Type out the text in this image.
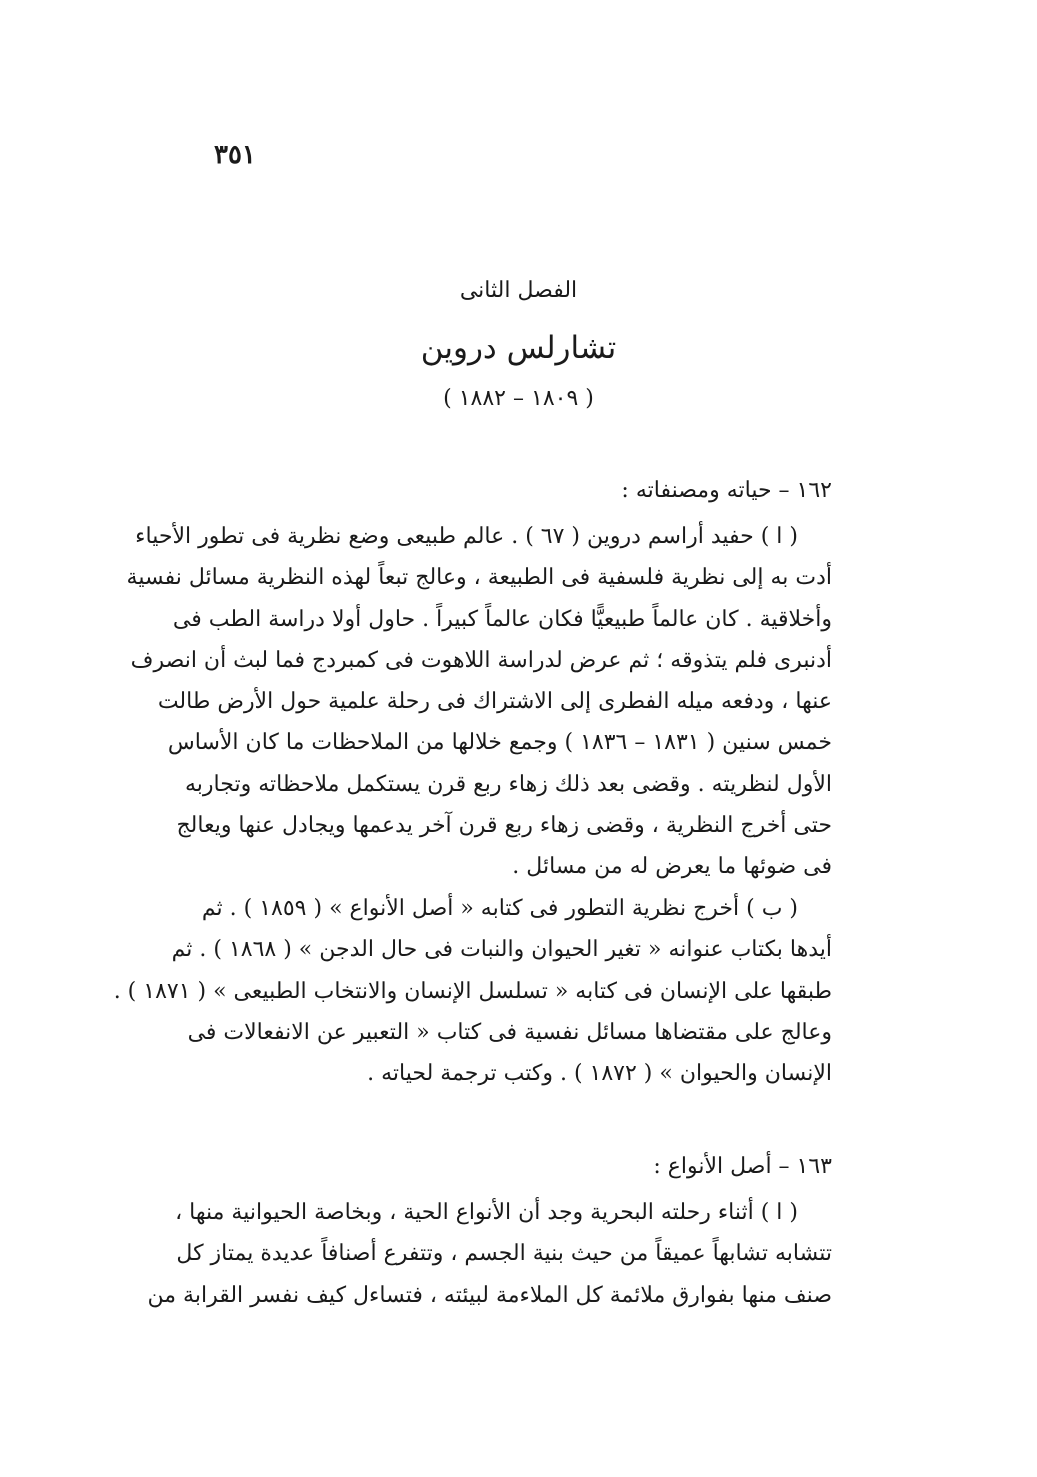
٣٥١
الفصل الثانى
تشارلس دروين
( ١٨٠٩ – ١٨٨٢ )
١٦٢ – حياته ومصنفاته :
( ا ) حفيد أراسم دروين ( ٦٧ ) . عالم طبيعى وضع نظرية فى تطور الأحياء
أدت به إلى نظرية فلسفية فى الطبيعة ، وعالج تبعاً لهذه النظرية مسائل نفسية
وأخلاقية . كان عالماً طبيعيًّا فكان عالماً كبيراً . حاول أولا دراسة الطب فى
أدنبرى فلم يتذوقه ؛ ثم عرض لدراسة اللاهوت فى كمبردج فما لبث أن انصرف
عنها ، ودفعه ميله الفطرى إلى الاشتراك فى رحلة علمية حول الأرض طالت
خمس سنين ( ١٨٣١ – ١٨٣٦ ) وجمع خلالها من الملاحظات ما كان الأساس
الأول لنظريته . وقضى بعد ذلك زهاء ربع قرن يستكمل ملاحظاته وتجاربه
حتى أخرج النظرية ، وقضى زهاء ربع قرن آخر يدعمها ويجادل عنها ويعالج
فى ضوئها ما يعرض له من مسائل .
( ب ) أخرج نظرية التطور فى كتابه « أصل الأنواع » ( ١٨٥٩ ) . ثم
أيدها بكتاب عنوانه « تغير الحيوان والنبات فى حال الدجن » ( ١٨٦٨ ) . ثم
طبقها على الإنسان فى كتابه « تسلسل الإنسان والانتخاب الطبيعى » ( ١٨٧١ ) .
وعالج على مقتضاها مسائل نفسية فى كتاب « التعبير عن الانفعالات فى
الإنسان والحيوان » ( ١٨٧٢ ) . وكتب ترجمة لحياته .
١٦٣ – أصل الأنواع :
( ا ) أثناء رحلته البحرية وجد أن الأنواع الحية ، وبخاصة الحيوانية منها ،
تتشابه تشابهاً عميقاً من حيث بنية الجسم ، وتتفرع أصنافاً عديدة يمتاز كل
صنف منها بفوارق ملائمة كل الملاءمة لبيئته ، فتساءل كيف نفسر القرابة من
